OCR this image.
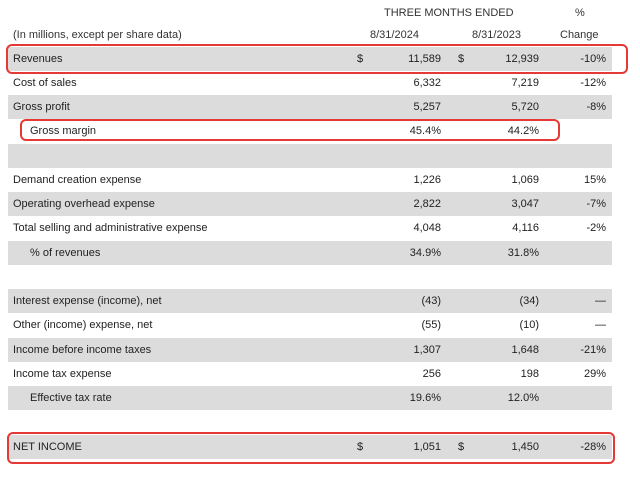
THREE MONTHS ENDED	%
(In millions, except per share data)	8/31/2024	8/31/2023	Change
Revenues	$	11,589 $	12,939	-10%
Cost of sales	6,332	7,219	-12%
Gross profit	5,257	5,720	-8%
Gross margin	45.4%	44.2%
Demand creation expense	1,226	1,069	15%
Operating overhead expense	2,822	3,047	-7%
Total selling and administrative expense	4,048	4,116	-2%
% of revenues	34.9%	31.8%
Interest expense (income), net	(43)	(34)	—
Other (income) expense, net	(55)	(10)	—
Income before income taxes	1,307	1,648	-21%
Income tax expense	256	198	29%
Effective tax rate	19.6%	12.0%
NET INCOME	$	1,051 $	1,450	-28%
